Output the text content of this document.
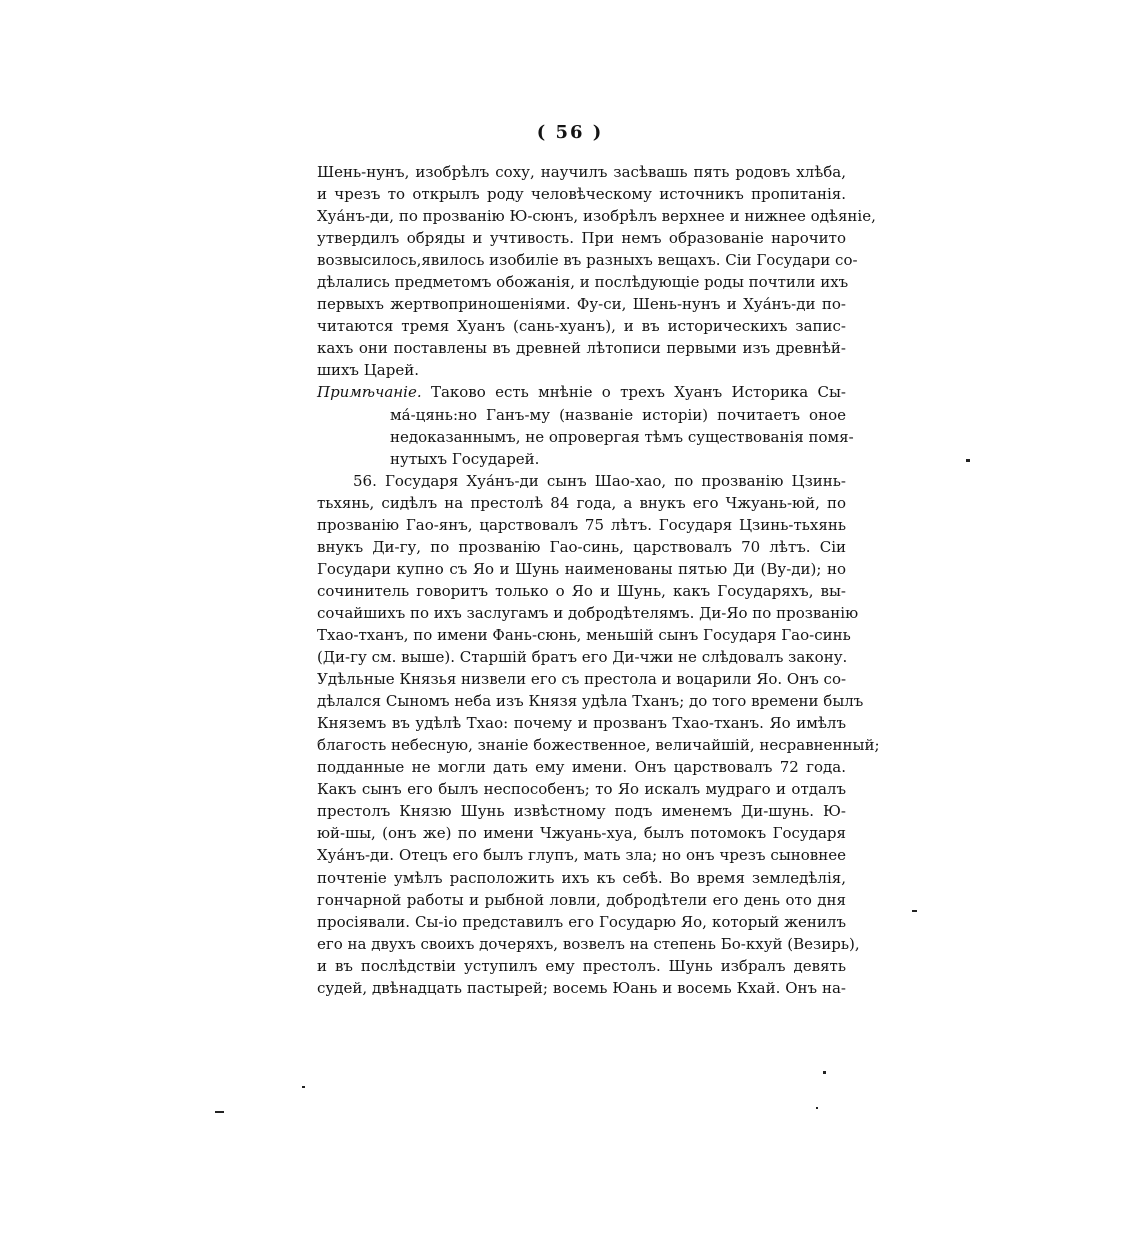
( 56 )
Шень-нунъ, изобрѣлъ соху, научилъ засѣвашь пять родовъ хлѣба,
и чрезъ то открылъ роду человѣческому источникъ пропитанія.
Хуа́нъ-ди, по прозванію Ю-сюнъ, изобрѣлъ верхнее и нижнее одѣяніе,
утвердилъ обряды и учтивость. При немъ образованіе нарочито
возвысилось,явилось изобиліе въ разныхъ вещахъ. Сіи Государи со-
дѣлались предметомъ обожанія, и послѣдующіе роды почтили ихъ
первыхъ жертвоприношеніями. Фу-си, Шень-нунъ и Хуа́нъ-ди по-
читаются тремя Хуанъ (сань-хуанъ), и въ историческихъ запис-
кахъ они поставлены въ древней лѣтописи первыми изъ древнѣй-
шихъ Царей.
Примѣчаніе. Таково есть мнѣніе о трехъ Хуанъ Историка Сы-
ма́-цянь:но Ганъ-му (названіе исторіи) почитаетъ оное
недоказаннымъ, не опровергая тѣмъ существованія помя-
нутыхъ Государей.
56. Государя Хуа́нъ-ди сынъ Шао-хао, по прозванію Цзинь-
тьхянь, сидѣлъ на престолѣ 84 года, а внукъ его Чжуань-юй, по
прозванію Гао-янъ, царствовалъ 75 лѣтъ. Государя Цзинь-тьхянь
внукъ Ди-гу, по прозванію Гао-синь, царствовалъ 70 лѣтъ. Сіи
Государи купно съ Яо и Шунь наименованы пятью Ди (Ву-ди); но
сочинитель говоритъ только о Яо и Шунь, какъ Государяхъ, вы-
сочайшихъ по ихъ заслугамъ и добродѣтелямъ. Ди-Яо по прозванію
Тхао-тханъ, по имени Фань-сюнь, меньшій сынъ Государя Гао-синь
(Ди-гу см. выше). Старшій братъ его Ди-чжи не слѣдовалъ закону.
Удѣльные Князья низвели его съ престола и воцарили Яо. Онъ со-
дѣлался Сыномъ неба изъ Князя удѣла Тханъ; до того времени былъ
Княземъ въ удѣлѣ Тхао: почему и прозванъ Тхао-тханъ. Яо имѣлъ
благость небесную, знаніе божественное, величайшій, несравненный;
подданные не могли дать ему имени. Онъ царствовалъ 72 года.
Какъ сынъ его былъ неспособенъ; то Яо искалъ мудраго и отдалъ
престолъ Князю Шунь извѣстному подъ именемъ Ди-шунь. Ю-
юй-шы, (онъ же) по имени Чжуань-хуа, былъ потомокъ Государя
Хуа́нъ-ди. Отецъ его былъ глупъ, мать зла; но онъ чрезъ сыновнее
почтеніе умѣлъ расположить ихъ къ себѣ. Во время земледѣлія,
гончарной работы и рыбной ловли, добродѣтели его день ото дня
просіявали. Сы-іо представилъ его Государю Яо, который женилъ
его на двухъ своихъ дочеряхъ, возвелъ на степень Бо-кхуй (Везирь),
и въ послѣдствіи уступилъ ему престолъ. Шунь избралъ девять
судей, двѣнадцать пастырей; восемь Юань и восемь Кхай. Онъ на-
